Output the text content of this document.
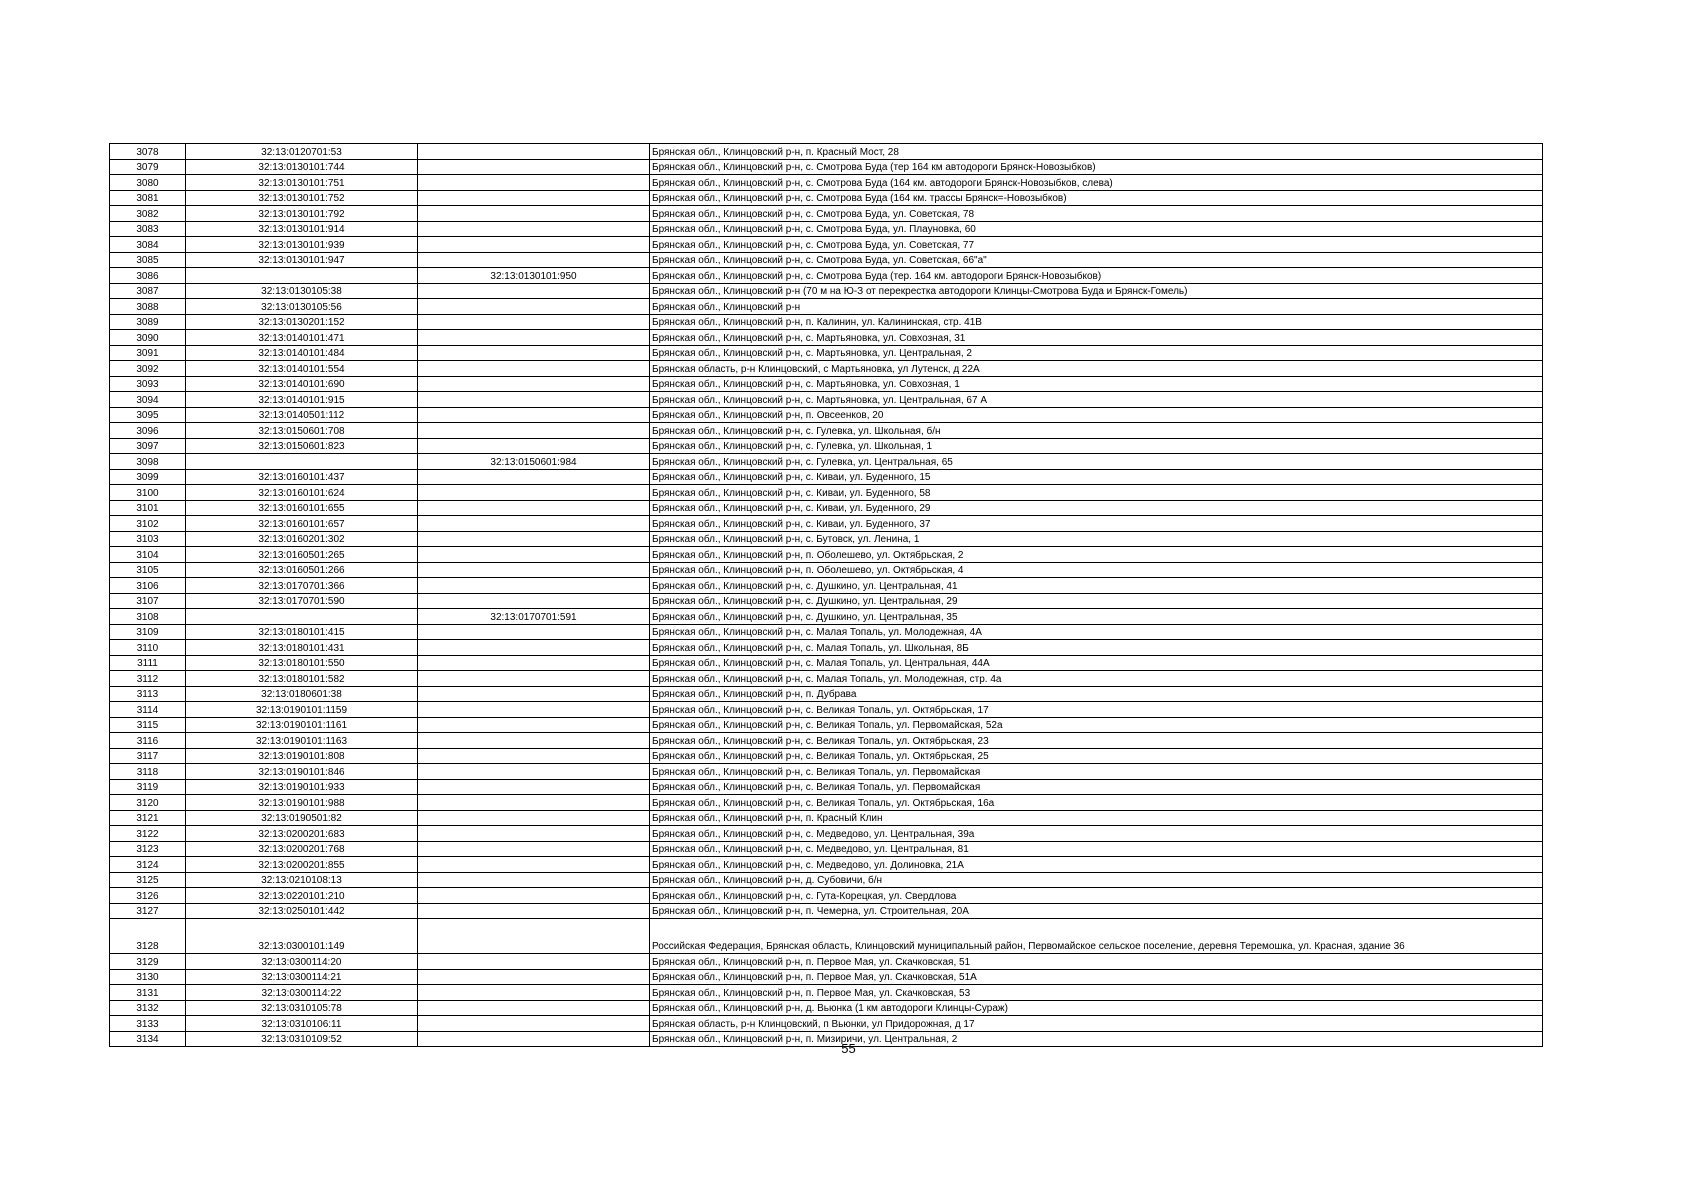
3078	32:13:0120701:53		Брянская обл., Клинцовский р-н, п. Красный Мост, 28
3079	32:13:0130101:744		Брянская обл., Клинцовский р-н, с. Смотрова Буда (тер 164 км автодороги Брянск-Новозыбков)
3080	32:13:0130101:751		Брянская обл., Клинцовский р-н, с. Смотрова Буда (164 км. автодороги Брянск-Новозыбков, слева)
3081	32:13:0130101:752		Брянская обл., Клинцовский р-н, с. Смотрова Буда (164 км. трассы Брянск=-Новозыбков)
3082	32:13:0130101:792		Брянская обл., Клинцовский р-н, с. Смотрова Буда, ул. Советская, 78
3083	32:13:0130101:914		Брянская обл., Клинцовский р-н, с. Смотрова Буда, ул. Плауновка, 60
3084	32:13:0130101:939		Брянская обл., Клинцовский р-н, с. Смотрова Буда, ул. Советская, 77
3085	32:13:0130101:947		Брянская обл., Клинцовский р-н, с. Смотрова Буда, ул. Советская, 66"а"
3086		32:13:0130101:950	Брянская обл., Клинцовский р-н, с. Смотрова Буда (тер. 164 км. автодороги Брянск-Новозыбков)
3087	32:13:0130105:38		Брянская обл., Клинцовский р-н (70 м на Ю-З от перекрестка автодороги Клинцы-Смотрова Буда и Брянск-Гомель)
3088	32:13:0130105:56		Брянская обл., Клинцовский р-н
3089	32:13:0130201:152		Брянская обл., Клинцовский р-н, п. Калинин, ул. Калининская, стр. 41В
3090	32:13:0140101:471		Брянская обл., Клинцовский р-н, с. Мартьяновка, ул. Совхозная, 31
3091	32:13:0140101:484		Брянская обл., Клинцовский р-н, с. Мартьяновка, ул. Центральная, 2
3092	32:13:0140101:554		Брянская область, р-н Клинцовский, с Мартьяновка, ул Лутенск, д 22А
3093	32:13:0140101:690		Брянская обл., Клинцовский р-н, с. Мартьяновка, ул. Совхозная, 1
3094	32:13:0140101:915		Брянская обл., Клинцовский р-н, с. Мартьяновка, ул. Центральная, 67 А
3095	32:13:0140501:112		Брянская обл., Клинцовский р-н, п. Овсеенков, 20
3096	32:13:0150601:708		Брянская обл., Клинцовский р-н, с. Гулевка, ул. Школьная, б/н
3097	32:13:0150601:823		Брянская обл., Клинцовский р-н, с. Гулевка, ул. Школьная, 1
3098		32:13:0150601:984	Брянская обл., Клинцовский р-н, с. Гулевка, ул. Центральная, 65
3099	32:13:0160101:437		Брянская обл., Клинцовский р-н, с. Киваи, ул. Буденного, 15
3100	32:13:0160101:624		Брянская обл., Клинцовский р-н, с. Киваи, ул. Буденного, 58
3101	32:13:0160101:655		Брянская обл., Клинцовский р-н, с. Киваи, ул. Буденного, 29
3102	32:13:0160101:657		Брянская обл., Клинцовский р-н, с. Киваи, ул. Буденного, 37
3103	32:13:0160201:302		Брянская обл., Клинцовский р-н, с. Бутовск, ул. Ленина, 1
3104	32:13:0160501:265		Брянская обл., Клинцовский р-н, п. Оболешево, ул. Октябрьская, 2
3105	32:13:0160501:266		Брянская обл., Клинцовский р-н, п. Оболешево, ул. Октябрьская, 4
3106	32:13:0170701:366		Брянская обл., Клинцовский р-н, с. Душкино, ул. Центральная, 41
3107	32:13:0170701:590		Брянская обл., Клинцовский р-н, с. Душкино, ул. Центральная, 29
3108		32:13:0170701:591	Брянская обл., Клинцовский р-н, с. Душкино, ул. Центральная, 35
3109	32:13:0180101:415		Брянская обл., Клинцовский р-н, с. Малая Топаль, ул. Молодежная, 4А
3110	32:13:0180101:431		Брянская обл., Клинцовский р-н, с. Малая Топаль, ул. Школьная, 8Б
3111	32:13:0180101:550		Брянская обл., Клинцовский р-н, с. Малая Топаль, ул. Центральная, 44А
3112	32:13:0180101:582		Брянская обл., Клинцовский р-н, с. Малая Топаль, ул. Молодежная, стр. 4а
3113	32:13:0180601:38		Брянская обл., Клинцовский р-н, п. Дубрава
3114	32:13:0190101:1159		Брянская обл., Клинцовский р-н, с. Великая Топаль, ул. Октябрьская, 17
3115	32:13:0190101:1161		Брянская обл., Клинцовский р-н, с. Великая Топаль, ул. Первомайская, 52а
3116	32:13:0190101:1163		Брянская обл., Клинцовский р-н, с. Великая Топаль, ул. Октябрьская, 23
3117	32:13:0190101:808		Брянская обл., Клинцовский р-н, с. Великая Топаль, ул. Октябрьская, 25
3118	32:13:0190101:846		Брянская обл., Клинцовский р-н, с. Великая Топаль, ул. Первомайская
3119	32:13:0190101:933		Брянская обл., Клинцовский р-н, с. Великая Топаль, ул. Первомайская
3120	32:13:0190101:988		Брянская обл., Клинцовский р-н, с. Великая Топаль, ул. Октябрьская, 16а
3121	32:13:0190501:82		Брянская обл., Клинцовский р-н, п. Красный Клин
3122	32:13:0200201:683		Брянская обл., Клинцовский р-н, с. Медведово, ул. Центральная, 39а
3123	32:13:0200201:768		Брянская обл., Клинцовский р-н, с. Медведово, ул. Центральная, 81
3124	32:13:0200201:855		Брянская обл., Клинцовский р-н, с. Медведово, ул. Долиновка, 21А
3125	32:13:0210108:13		Брянская обл., Клинцовский р-н, д. Субовичи, б/н
3126	32:13:0220101:210		Брянская обл., Клинцовский р-н, с. Гута-Корецкая, ул. Свердлова
3127	32:13:0250101:442		Брянская обл., Клинцовский р-н, п. Чемерна, ул. Строительная, 20А
3128	32:13:0300101:149		Российская Федерация, Брянская область, Клинцовский муниципальный район, Первомайское сельское поселение, деревня Теремошка, ул. Красная, здание 36
3129	32:13:0300114:20		Брянская обл., Клинцовский р-н, п. Первое Мая, ул. Скачковская, 51
3130	32:13:0300114:21		Брянская обл., Клинцовский р-н, п. Первое Мая, ул. Скачковская, 51А
3131	32:13:0300114:22		Брянская обл., Клинцовский р-н, п. Первое Мая, ул. Скачковская, 53
3132	32:13:0310105:78		Брянская обл., Клинцовский р-н, д. Вьюнка (1 км автодороги Клинцы-Сураж)
3133	32:13:0310106:11		Брянская область, р-н Клинцовский, п Вьюнки, ул Придорожная, д 17
3134	32:13:0310109:52		Брянская обл., Клинцовский р-н, п. Мизиричи, ул. Центральная, 2
55
